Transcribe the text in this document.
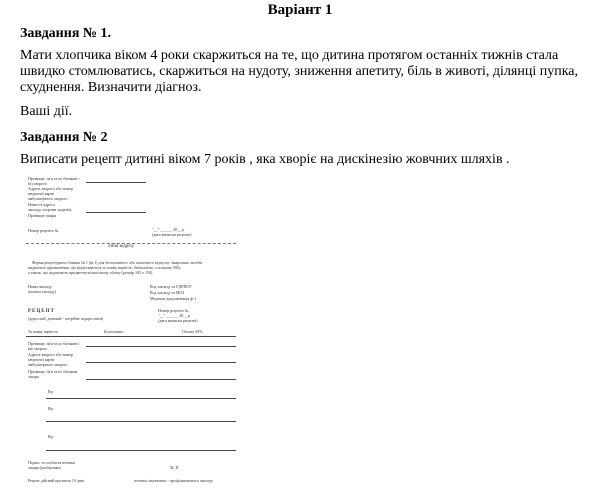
Варіант 1
Завдання № 1.
Мати хлопчика віком 4 роки скаржиться на те, що дитина протягом останніх тижнів стала швидко стомлюватись, скаржиться на нудоту, зниження апетиту, біль в животі, ділянці пупка, схуднення. Визначити діагноз.
Ваші дії.
Завдання № 2
Виписати рецепт дитині віком 7 років , яка хворіє на дискінезію жовчних шляхів .
Прізвище, ім'я та по батькові і
(в) хворого
Адреса хворого або номер
медичної карти
амбулаторного хворого
Назва та адреса
закладу охорони здоров'я,
Прізвище лікаря
Номер рецепта №	"__" ______ 20__ р
(дата виписки рецепта)
лінія відрізу
Форма рецептурного бланка № 1 (ф-1) для безоплатного або пільгового відпуску лікарських засобів
медичного призначення, що відпускаються за повну вартість, безоплатно, з оплатою 50%,
а також, що підлягають предметно-кількісному обліку (розмір 105 х 150)
Назва закладу
(штамп закладу)
Код закладу за ЄДРПОУ
Код закладу за МОЗ
Медична документація ф-1
РЕЦЕПТ
(дорослий, дитячий - потрібне підкреслити)
Номер рецепта №
"__" ______ 20__ р
(дата виписки рецепта)
За повну вартість	Безоплатно	Оплата 50%
Прізвище, ім'я та по батькові і
вік хворого
Адреса хворого або номер
медичної карти
амбулаторного хворого
Прізвище, ім'я та по батькові
лікаря
Rp:
Rp:
Rp:
Підпис та особиста печатка
лікаря (розбірливо)	М. П.
Рецепт дійсний протягом 10 днів	печатка лікувально - профілактичного закладу
